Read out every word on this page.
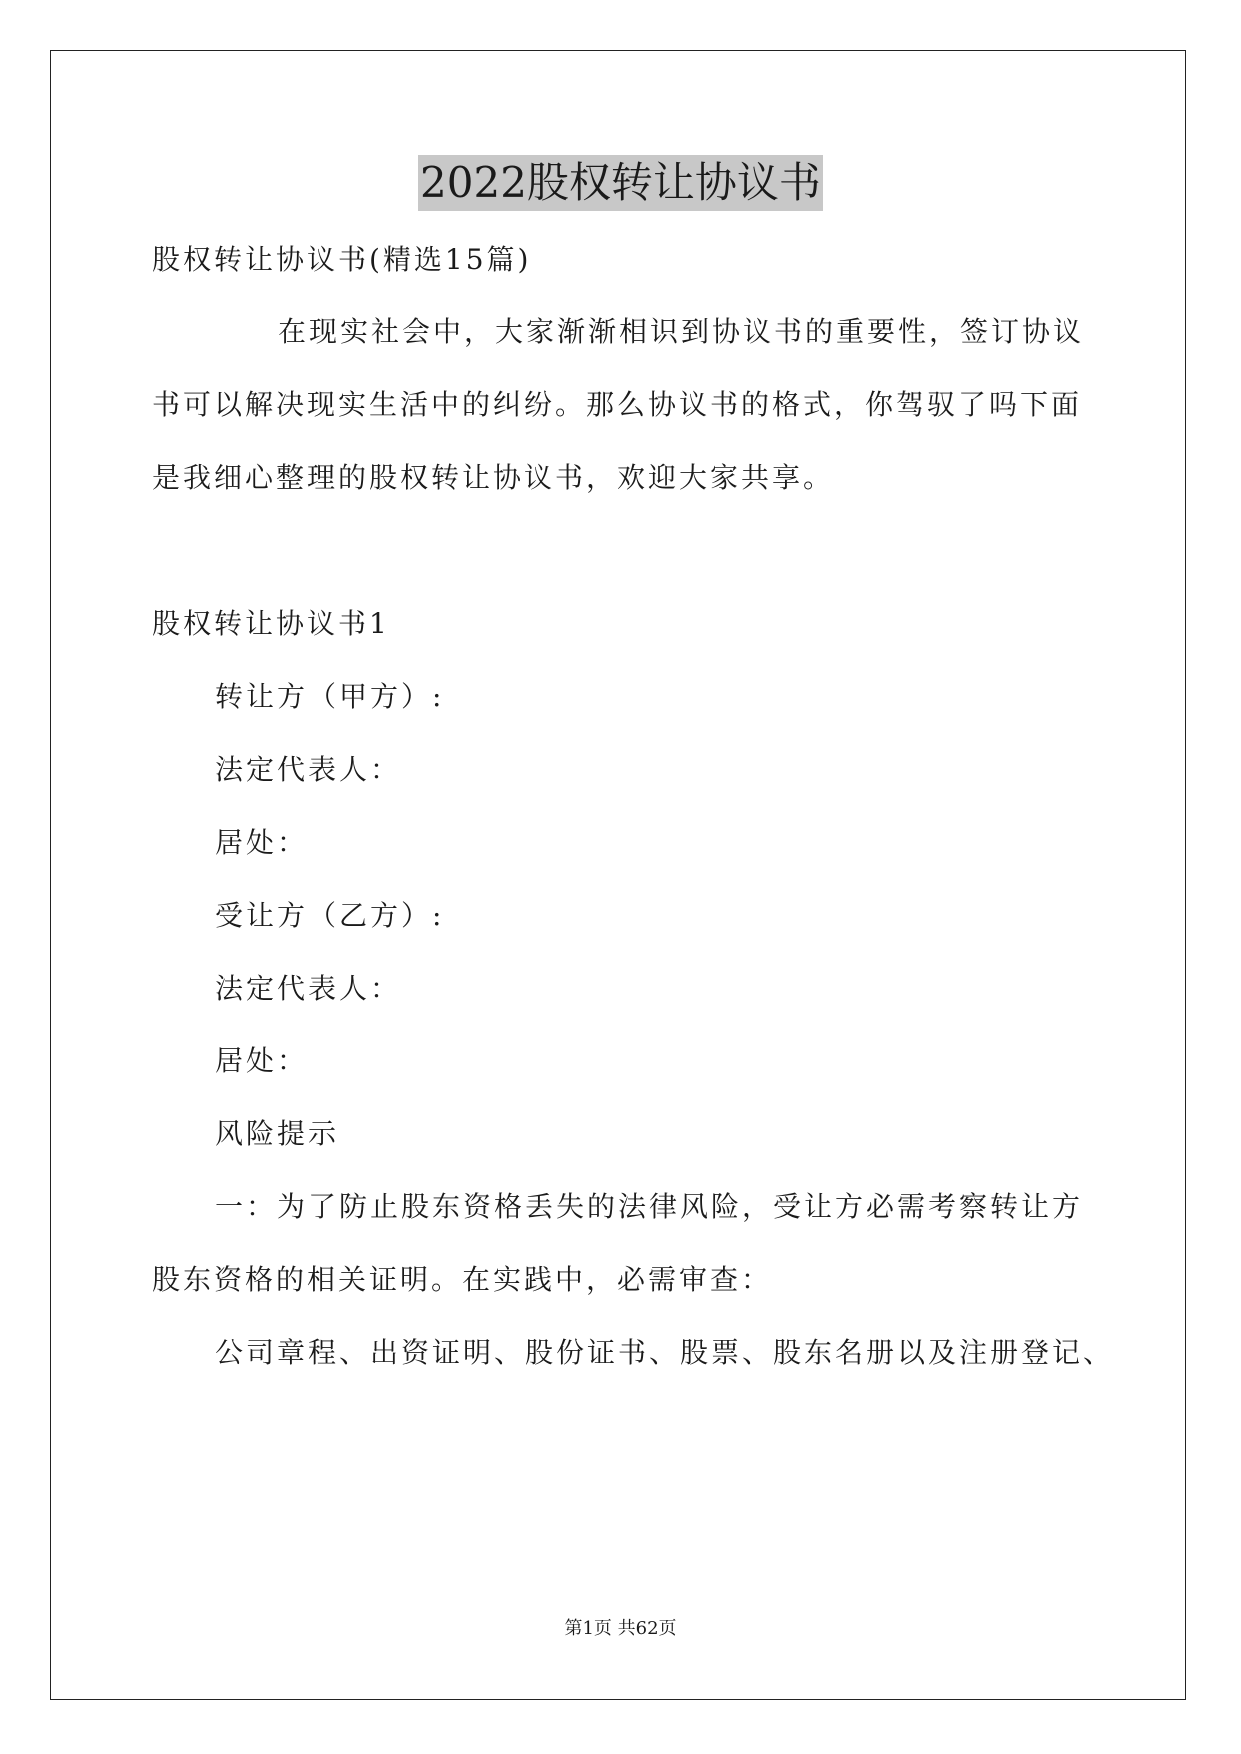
2022股权转让协议书
股权转让协议书(精选15篇)
在现实社会中，大家渐渐相识到协议书的重要性，签订协议
书可以解决现实生活中的纠纷。那么协议书的格式，你驾驭了吗下面
是我细心整理的股权转让协议书，欢迎大家共享。
股权转让协议书1
转让方（甲方）:
法定代表人：
居处：
受让方（乙方）:
法定代表人：
居处：
风险提示
一：为了防止股东资格丢失的法律风险，受让方必需考察转让方
股东资格的相关证明。在实践中，必需审查：
公司章程、出资证明、股份证书、股票、股东名册以及注册登记、
第1页 共62页
